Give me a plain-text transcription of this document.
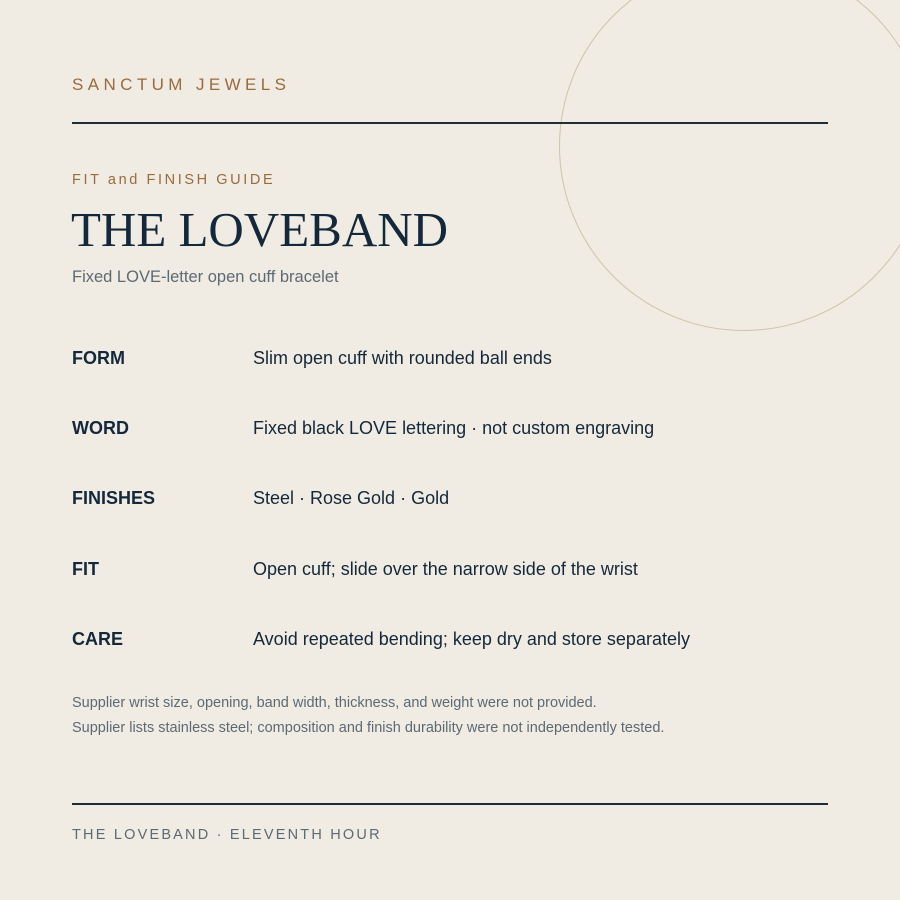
SANCTUM JEWELS
FIT and FINISH GUIDE
THE LOVEBAND
Fixed LOVE-letter open cuff bracelet
FORM	Slim open cuff with rounded ball ends
WORD	Fixed black LOVE lettering · not custom engraving
FINISHES	Steel · Rose Gold · Gold
FIT	Open cuff; slide over the narrow side of the wrist
CARE	Avoid repeated bending; keep dry and store separately
Supplier wrist size, opening, band width, thickness, and weight were not provided.
Supplier lists stainless steel; composition and finish durability were not independently tested.
THE LOVEBAND · ELEVENTH HOUR
